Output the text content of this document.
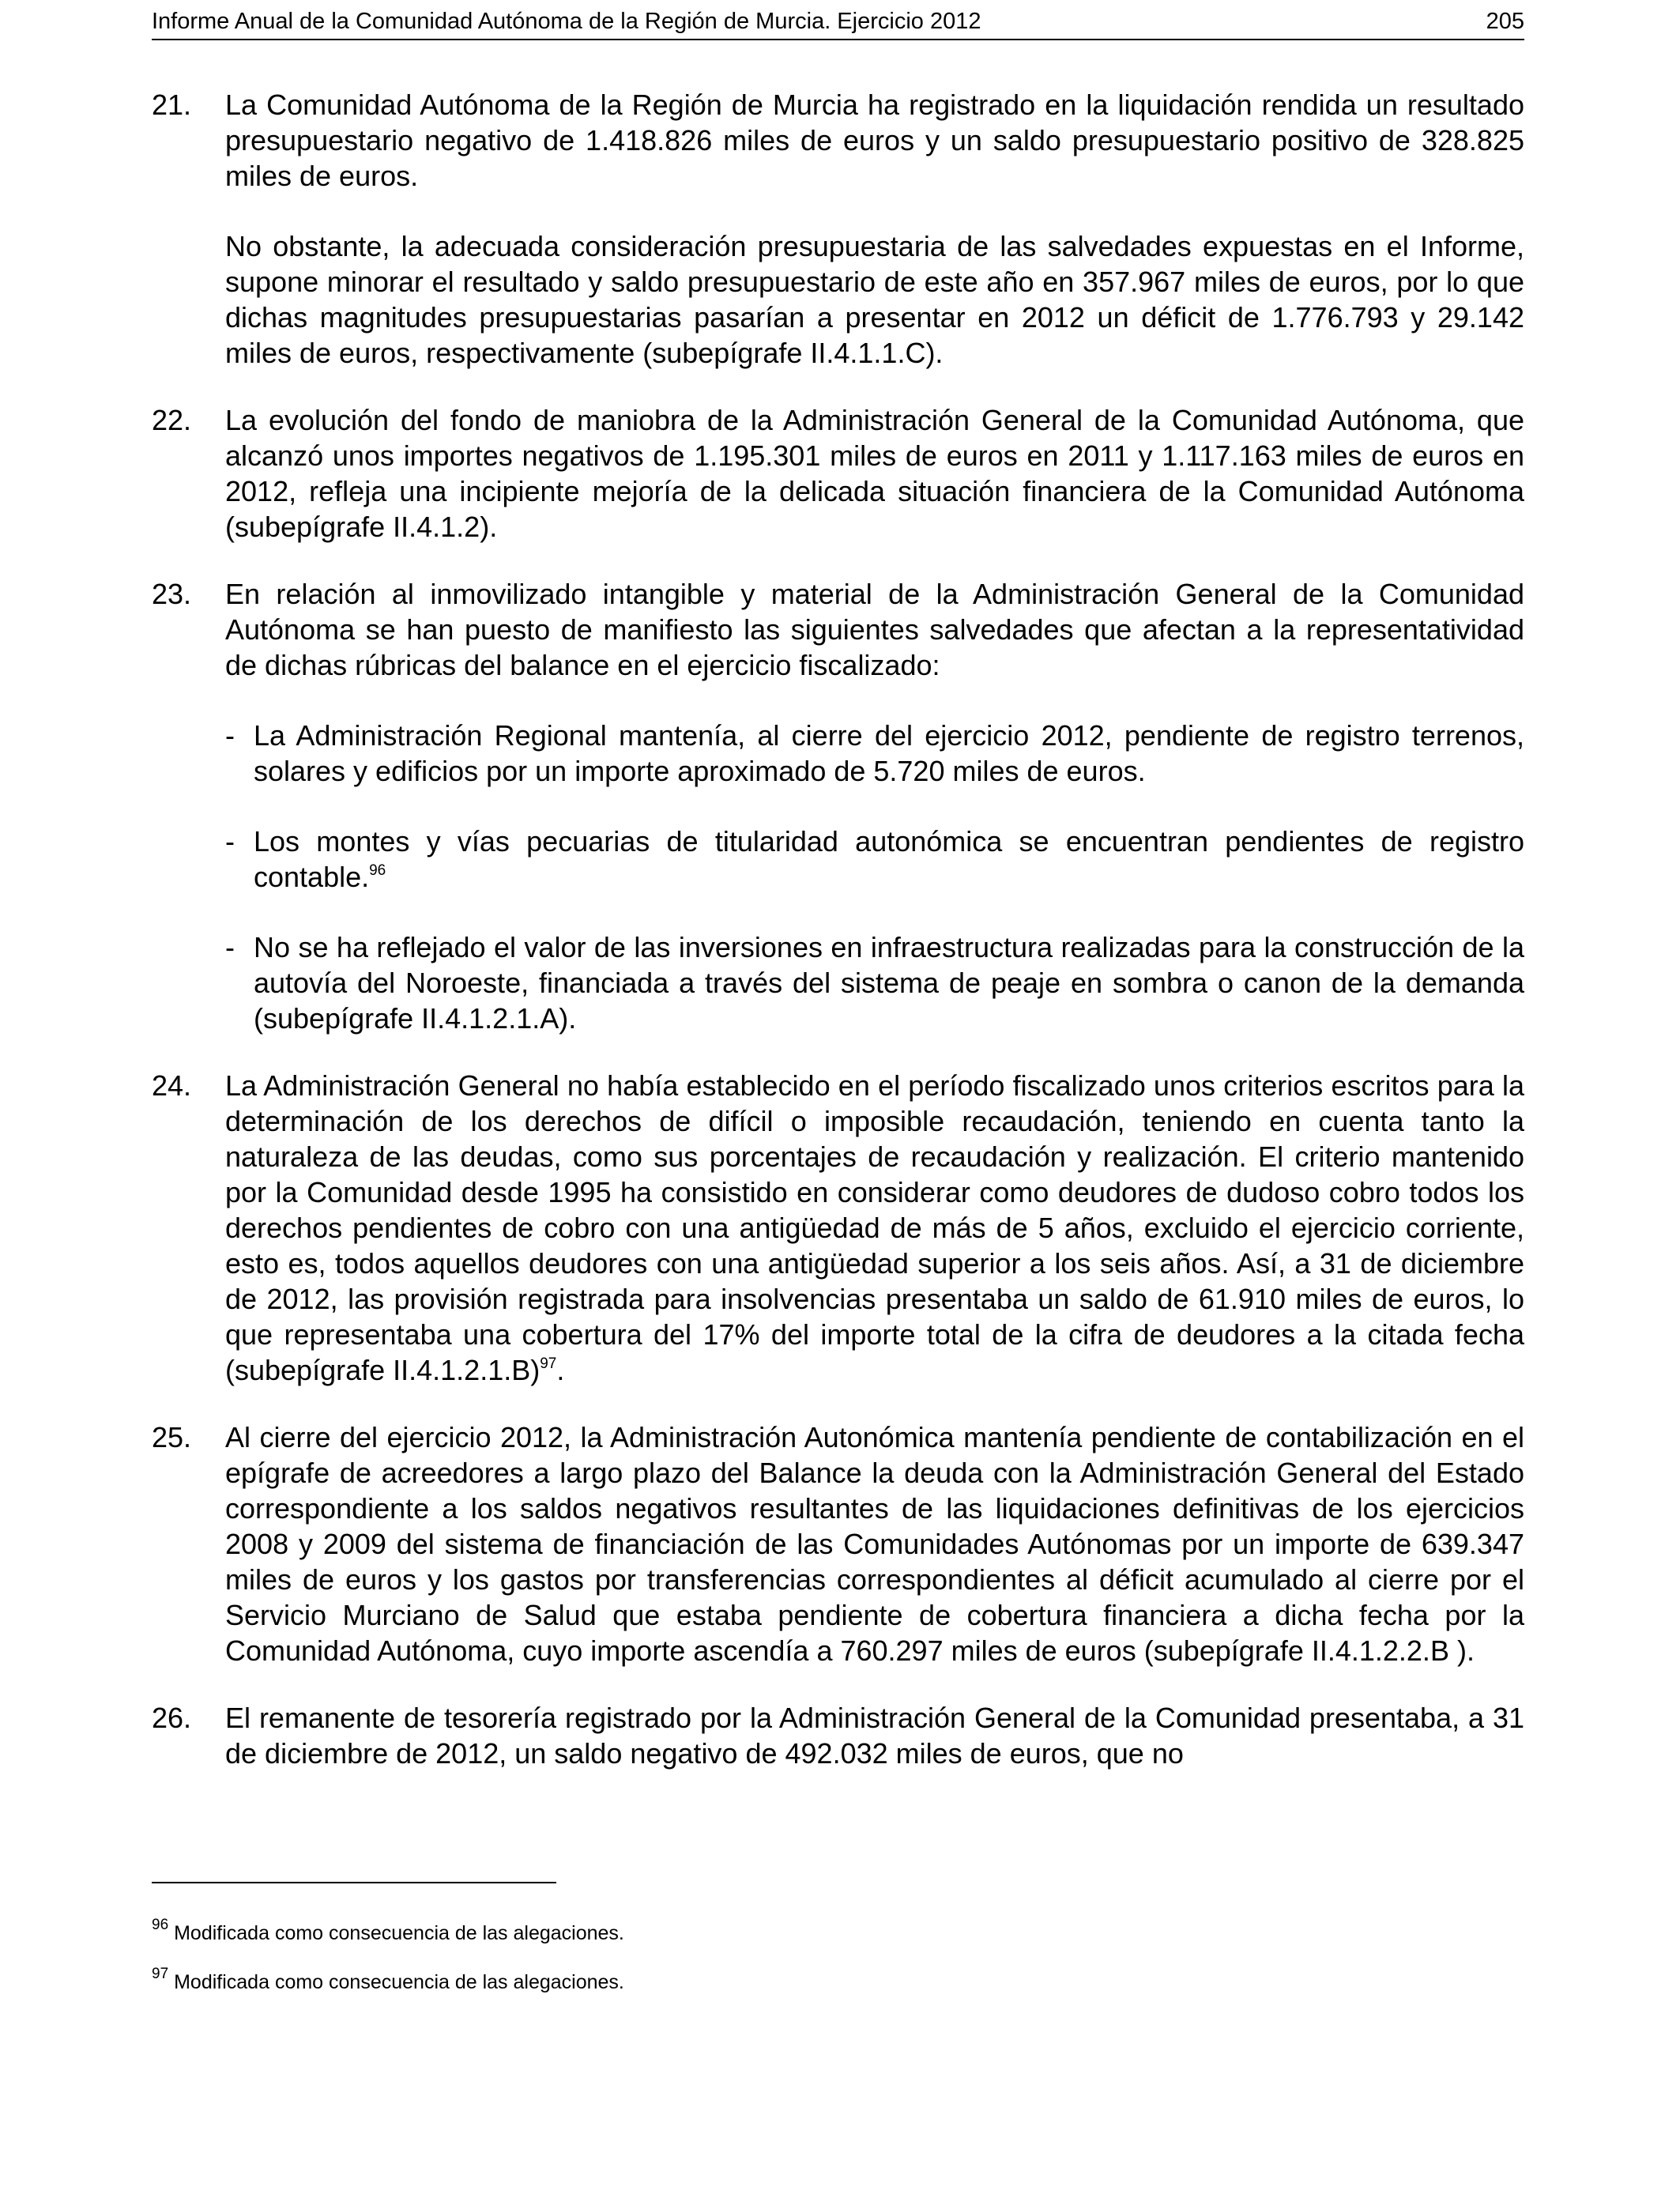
Informe Anual de la Comunidad Autónoma de la Región de Murcia. Ejercicio 2012	205
21. La Comunidad Autónoma de la Región de Murcia ha registrado en la liquidación rendida un resultado presupuestario negativo de 1.418.826 miles de euros y un saldo presupuestario positivo de 328.825 miles de euros.

No obstante, la adecuada consideración presupuestaria de las salvedades expuestas en el Informe, supone minorar el resultado y saldo presupuestario de este año en 357.967 miles de euros, por lo que dichas magnitudes presupuestarias pasarían a presentar en 2012 un déficit de 1.776.793 y 29.142 miles de euros, respectivamente (subepígrafe II.4.1.1.C).

22. La evolución del fondo de maniobra de la Administración General de la Comunidad Autónoma, que alcanzó unos importes negativos de 1.195.301 miles de euros en 2011 y 1.117.163 miles de euros en 2012, refleja una incipiente mejoría de la delicada situación financiera de la Comunidad Autónoma (subepígrafe II.4.1.2).

23. En relación al inmovilizado intangible y material de la Administración General de la Comunidad Autónoma se han puesto de manifiesto las siguientes salvedades que afectan a la representatividad de dichas rúbricas del balance en el ejercicio fiscalizado:

- La Administración Regional mantenía, al cierre del ejercicio 2012, pendiente de registro terrenos, solares y edificios por un importe aproximado de 5.720 miles de euros.

- Los montes y vías pecuarias de titularidad autonómica se encuentran pendientes de registro contable.$^{96}$

- No se ha reflejado el valor de las inversiones en infraestructura realizadas para la construcción de la autovía del Noroeste, financiada a través del sistema de peaje en sombra o canon de la demanda (subepígrafe II.4.1.2.1.A).

24. La Administración General no había establecido en el período fiscalizado unos criterios escritos para la determinación de los derechos de difícil o imposible recaudación, teniendo en cuenta tanto la naturaleza de las deudas, como sus porcentajes de recaudación y realización. El criterio mantenido por la Comunidad desde 1995 ha consistido en considerar como deudores de dudoso cobro todos los derechos pendientes de cobro con una antigüedad de más de 5 años, excluido el ejercicio corriente, esto es, todos aquellos deudores con una antigüedad superior a los seis años. Así, a 31 de diciembre de 2012, las provisión registrada para insolvencias presentaba un saldo de 61.910 miles de euros, lo que representaba una cobertura del 17% del importe total de la cifra de deudores a la citada fecha (subepígrafe II.4.1.2.1.B)$^{97}$.

25. Al cierre del ejercicio 2012, la Administración Autonómica mantenía pendiente de contabilización en el epígrafe de acreedores a largo plazo del Balance la deuda con la Administración General del Estado correspondiente a los saldos negativos resultantes de las liquidaciones definitivas de los ejercicios 2008 y 2009 del sistema de financiación de las Comunidades Autónomas por un importe de 639.347 miles de euros y los gastos por transferencias correspondientes al déficit acumulado al cierre por el Servicio Murciano de Salud que estaba pendiente de cobertura financiera a dicha fecha por la Comunidad Autónoma, cuyo importe ascendía a 760.297 miles de euros (subepígrafe II.4.1.2.2.B ).

26. El remanente de tesorería registrado por la Administración General de la Comunidad presentaba, a 31 de diciembre de 2012, un saldo negativo de 492.032 miles de euros, que no

$^{96}$ Modificada como consecuencia de las alegaciones.
$^{97}$ Modificada como consecuencia de las alegaciones.
